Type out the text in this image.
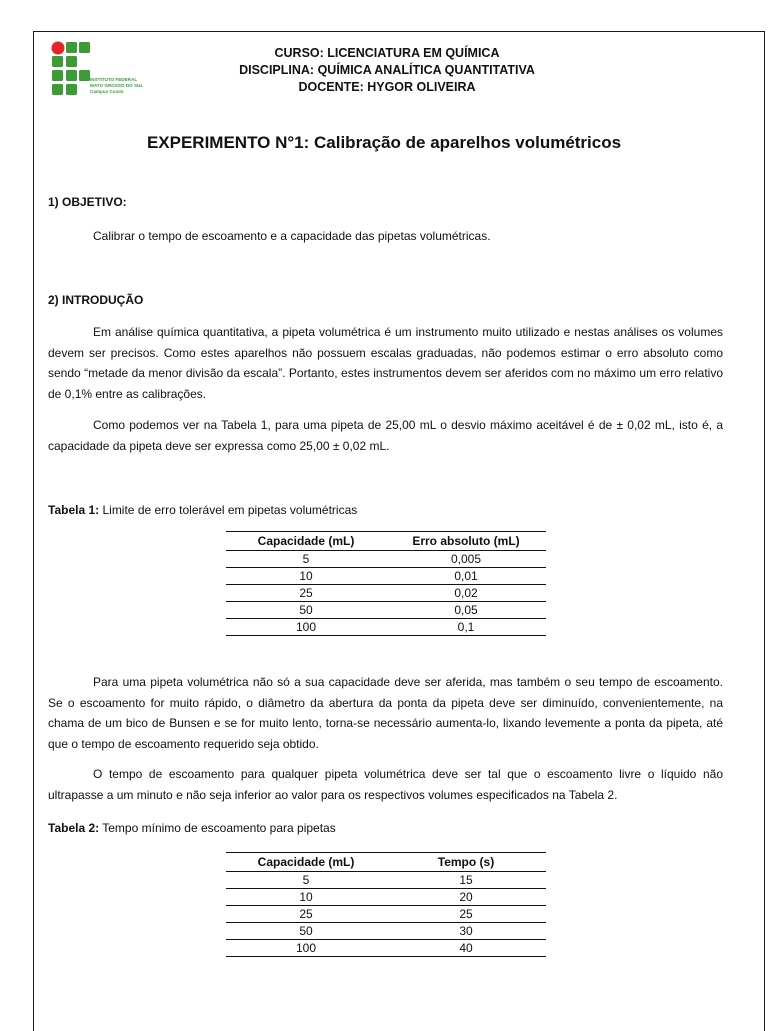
INSTITUTO FEDERAL
MATO GROSSO DO SUL
Campus Coxim
CURSO: LICENCIATURA EM QUÍMICA
DISCIPLINA: QUÍMICA ANALÍTICA QUANTITATIVA
DOCENTE: HYGOR OLIVEIRA
EXPERIMENTO N°1: Calibração de aparelhos volumétricos
1) OBJETIVO:
Calibrar o tempo de escoamento e a capacidade das pipetas volumétricas.
2) INTRODUÇÃO
Em análise química quantitativa, a pipeta volumétrica é um instrumento muito utilizado e nestas análises os volumes devem ser precisos. Como estes aparelhos não possuem escalas graduadas, não podemos estimar o erro absoluto como sendo “metade da menor divisão da escala”. Portanto, estes instrumentos devem ser aferidos com no máximo um erro relativo de 0,1% entre as calibrações.
Como podemos ver na Tabela 1, para uma pipeta de 25,00 mL o desvio máximo aceitável é de ± 0,02 mL, isto é, a capacidade da pipeta deve ser expressa como 25,00 ± 0,02 mL.
Tabela 1: Limite de erro tolerável em pipetas volumétricas
Capacidade (mL)	Erro absoluto (mL)
5	0,005
10	0,01
25	0,02
50	0,05
100	0,1
Para uma pipeta volumétrica não só a sua capacidade deve ser aferida, mas também o seu tempo de escoamento. Se o escoamento for muito rápido, o diâmetro da abertura da ponta da pipeta deve ser diminuído, convenientemente, na chama de um bico de Bunsen e se for muito lento, torna-se necessário aumenta-lo, lixando levemente a ponta da pipeta, até que o tempo de escoamento requerido seja obtido.
O tempo de escoamento para qualquer pipeta volumétrica deve ser tal que o escoamento livre o líquido não ultrapasse a um minuto e não seja inferior ao valor para os respectivos volumes especificados na Tabela 2.
Tabela 2: Tempo mínimo de escoamento para pipetas
Capacidade (mL)	Tempo (s)
5	15
10	20
25	25
50	30
100	40
